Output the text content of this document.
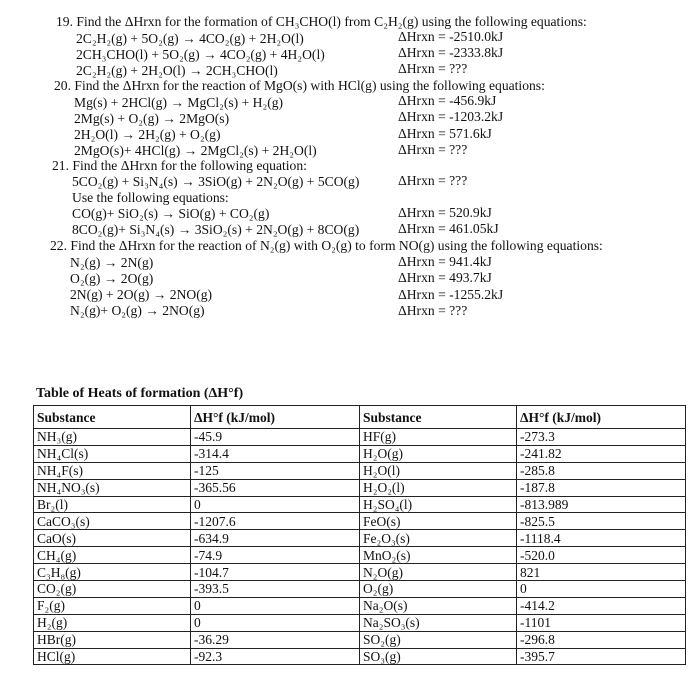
19. Find the ΔHrxn for the formation of CH₃CHO(l) from C₂H₂(g) using the following equations:
2C₂H₂(g) + 5O₂(g) → 4CO₂(g) + 2H₂O(l)	ΔHrxn = -2510.0kJ
2CH₃CHO(l) + 5O₂(g) → 4CO₂(g) + 4H₂O(l)	ΔHrxn = -2333.8kJ
2C₂H₂(g) + 2H₂O(l) → 2CH₃CHO(l)	ΔHrxn = ???
20. Find the ΔHrxn for the reaction of MgO(s) with HCl(g) using the following equations:
Mg(s) + 2HCl(g) → MgCl₂(s) + H₂(g)	ΔHrxn = -456.9kJ
2Mg(s) + O₂(g) → 2MgO(s)	ΔHrxn = -1203.2kJ
2H₂O(l) → 2H₂(g) + O₂(g)	ΔHrxn = 571.6kJ
2MgO(s)+ 4HCl(g) → 2MgCl₂(s) + 2H₂O(l)	ΔHrxn = ???
21. Find the ΔHrxn for the following equation:
5CO₂(g) + Si₃N₄(s) → 3SiO(g) + 2N₂O(g) + 5CO(g)	ΔHrxn = ???
Use the following equations:
CO(g)+ SiO₂(s) → SiO(g) + CO₂(g)	ΔHrxn = 520.9kJ
8CO₂(g)+ Si₃N₄(s) → 3SiO₂(s) + 2N₂O(g) + 8CO(g)	ΔHrxn = 461.05kJ
22. Find the ΔHrxn for the reaction of N₂(g) with O₂(g) to form NO(g) using the following equations:
N₂(g) → 2N(g)	ΔHrxn = 941.4kJ
O₂(g) → 2O(g)	ΔHrxn = 493.7kJ
2N(g) + 2O(g) → 2NO(g)	ΔHrxn = -1255.2kJ
N₂(g)+ O₂(g) → 2NO(g)	ΔHrxn = ???
Table of Heats of formation (ΔH°f)
Substance	ΔH°f (kJ/mol)	Substance	ΔH°f (kJ/mol)
NH₃(g)	-45.9	HF(g)	-273.3
NH₄Cl(s)	-314.4	H₂O(g)	-241.82
NH₄F(s)	-125	H₂O(l)	-285.8
NH₄NO₃(s)	-365.56	H₂O₂(l)	-187.8
Br₂(l)	0	H₂SO₄(l)	-813.989
CaCO₃(s)	-1207.6	FeO(s)	-825.5
CaO(s)	-634.9	Fe₂O₃(s)	-1118.4
CH₄(g)	-74.9	MnO₂(s)	-520.0
C₃H₈(g)	-104.7	N₂O(g)	821
CO₂(g)	-393.5	O₂(g)	0
F₂(g)	0	Na₂O(s)	-414.2
H₂(g)	0	Na₂SO₃(s)	-1101
HBr(g)	-36.29	SO₂(g)	-296.8
HCl(g)	-92.3	SO₃(g)	-395.7
